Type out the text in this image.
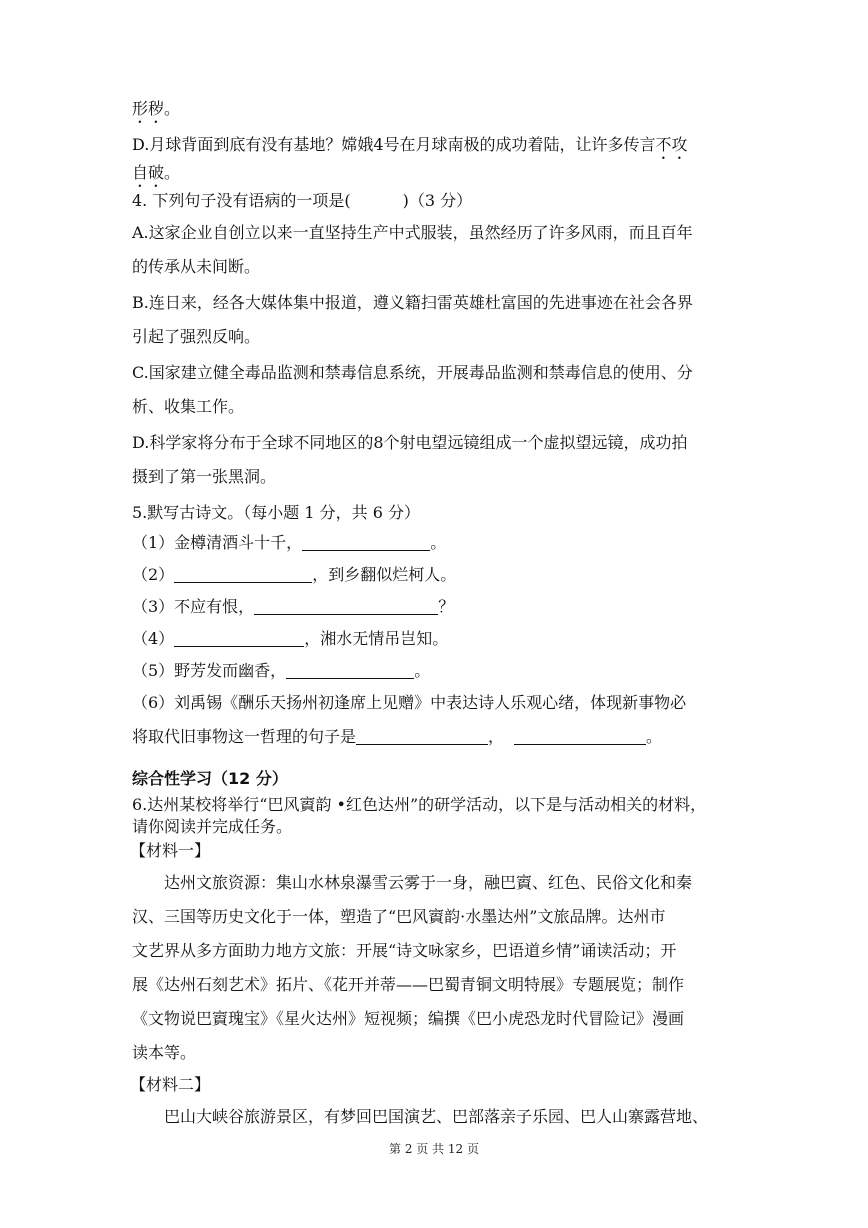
形秽。
D.月球背面到底有没有基地？嫦娥4号在月球南极的成功着陆，让许多传言不攻
自破。
4. 下列句子没有语病的一项是(	)（3 分）
A.这家企业自创立以来一直坚持生产中式服装，虽然经历了许多风雨，而且百年
的传承从未间断。
B.连日来，经各大媒体集中报道，遵义籍扫雷英雄杜富国的先进事迹在社会各界
引起了强烈反响。
C.国家建立健全毒品监测和禁毒信息系统，开展毒品监测和禁毒信息的使用、分
析、收集工作。
D.科学家将分布于全球不同地区的8个射电望远镜组成一个虚拟望远镜，成功拍
摄到了第一张黑洞。
5.默写古诗文。（每小题 1 分，共 6 分）
（1）金樽清酒斗十千，	。
（2）	，到乡翻似烂柯人。
（3）不应有恨，	？
（4）	，湘水无情吊岂知。
（5）野芳发而幽香，	。
（6）刘禹锡《酬乐天扬州初逢席上见赠》中表达诗人乐观心绪，体现新事物必
将取代旧事物这一哲理的句子是	，	。
综合性学习（12 分）
6.达州某校将举行“巴风賨韵 •红色达州”的研学活动，以下是与活动相关的材料，
请你阅读并完成任务。
【材料一】
达州文旅资源：集山水林泉瀑雪云雾于一身，融巴賨、红色、民俗文化和秦
汉、三国等历史文化于一体，塑造了“巴风賨韵·水墨达州”文旅品牌。达州市
文艺界从多方面助力地方文旅：开展“诗文咏家乡，巴语道乡情”诵读活动；开
展《达州石刻艺术》拓片、《花开并蒂——巴蜀青铜文明特展》专题展览；制作
《文物说巴賨瑰宝》《星火达州》短视频；编撰《巴小虎恐龙时代冒险记》漫画
读本等。
【材料二】
巴山大峡谷旅游景区，有梦回巴国演艺、巴部落亲子乐园、巴人山寨露营地、
第 2 页 共 12 页
